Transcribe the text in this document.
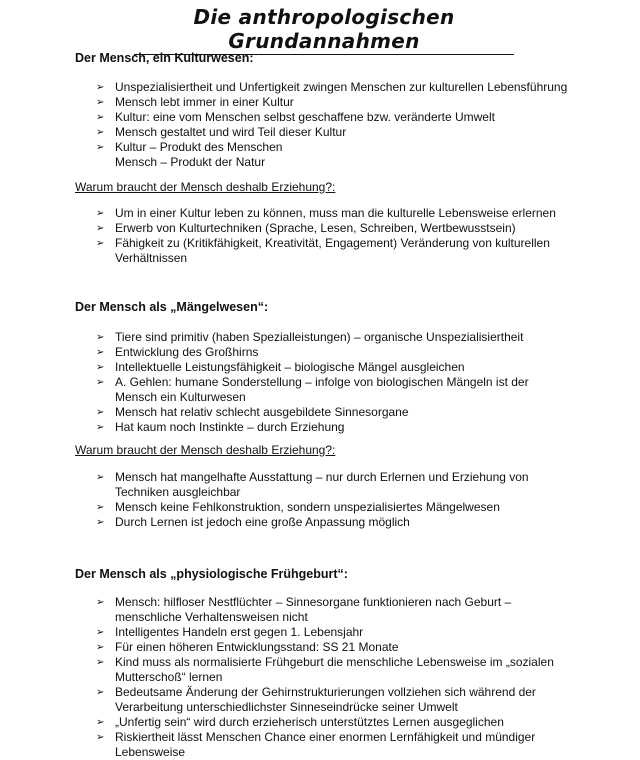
Die anthropologischen Grundannahmen
Der Mensch, ein Kulturwesen:
➢ Unspezialisiertheit und Unfertigkeit zwingen Menschen zur kulturellen Lebensführung
➢ Mensch lebt immer in einer Kultur
➢ Kultur: eine vom Menschen selbst geschaffene bzw. veränderte Umwelt
➢ Mensch gestaltet und wird Teil dieser Kultur
➢ Kultur – Produkt des Menschen
Mensch – Produkt der Natur
Warum braucht der Mensch deshalb Erziehung?:
➢ Um in einer Kultur leben zu können, muss man die kulturelle Lebensweise erlernen
➢ Erwerb von Kulturtechniken (Sprache, Lesen, Schreiben, Wertbewusstsein)
➢ Fähigkeit zu (Kritikfähigkeit, Kreativität, Engagement) Veränderung von kulturellen Verhältnissen
Der Mensch als „Mängelwesen“:
➢ Tiere sind primitiv (haben Spezialleistungen) – organische Unspezialisiertheit
➢ Entwicklung des Großhirns
➢ Intellektuelle Leistungsfähigkeit – biologische Mängel ausgleichen
➢ A. Gehlen: humane Sonderstellung – infolge von biologischen Mängeln ist der Mensch ein Kulturwesen
➢ Mensch hat relativ schlecht ausgebildete Sinnesorgane
➢ Hat kaum noch Instinkte – durch Erziehung
Warum braucht der Mensch deshalb Erziehung?:
➢ Mensch hat mangelhafte Ausstattung – nur durch Erlernen und Erziehung von Techniken ausgleichbar
➢ Mensch keine Fehlkonstruktion, sondern unspezialisiertes Mängelwesen
➢ Durch Lernen ist jedoch eine große Anpassung möglich
Der Mensch als „physiologische Frühgeburt“:
➢ Mensch: hilfloser Nestflüchter – Sinnesorgane funktionieren nach Geburt – menschliche Verhaltensweisen nicht
➢ Intelligentes Handeln erst gegen 1. Lebensjahr
➢ Für einen höheren Entwicklungsstand: SS 21 Monate
➢ Kind muss als normalisierte Frühgeburt die menschliche Lebensweise im „sozialen Mutterschoß“ lernen
➢ Bedeutsame Änderung der Gehirnstrukturierungen vollziehen sich während der Verarbeitung unterschiedlichster Sinneseindrücke seiner Umwelt
➢ „Unfertig sein“ wird durch erzieherisch unterstütztes Lernen ausgeglichen
➢ Riskiertheit lässt Menschen Chance einer enormen Lernfähigkeit und mündiger Lebensweise
